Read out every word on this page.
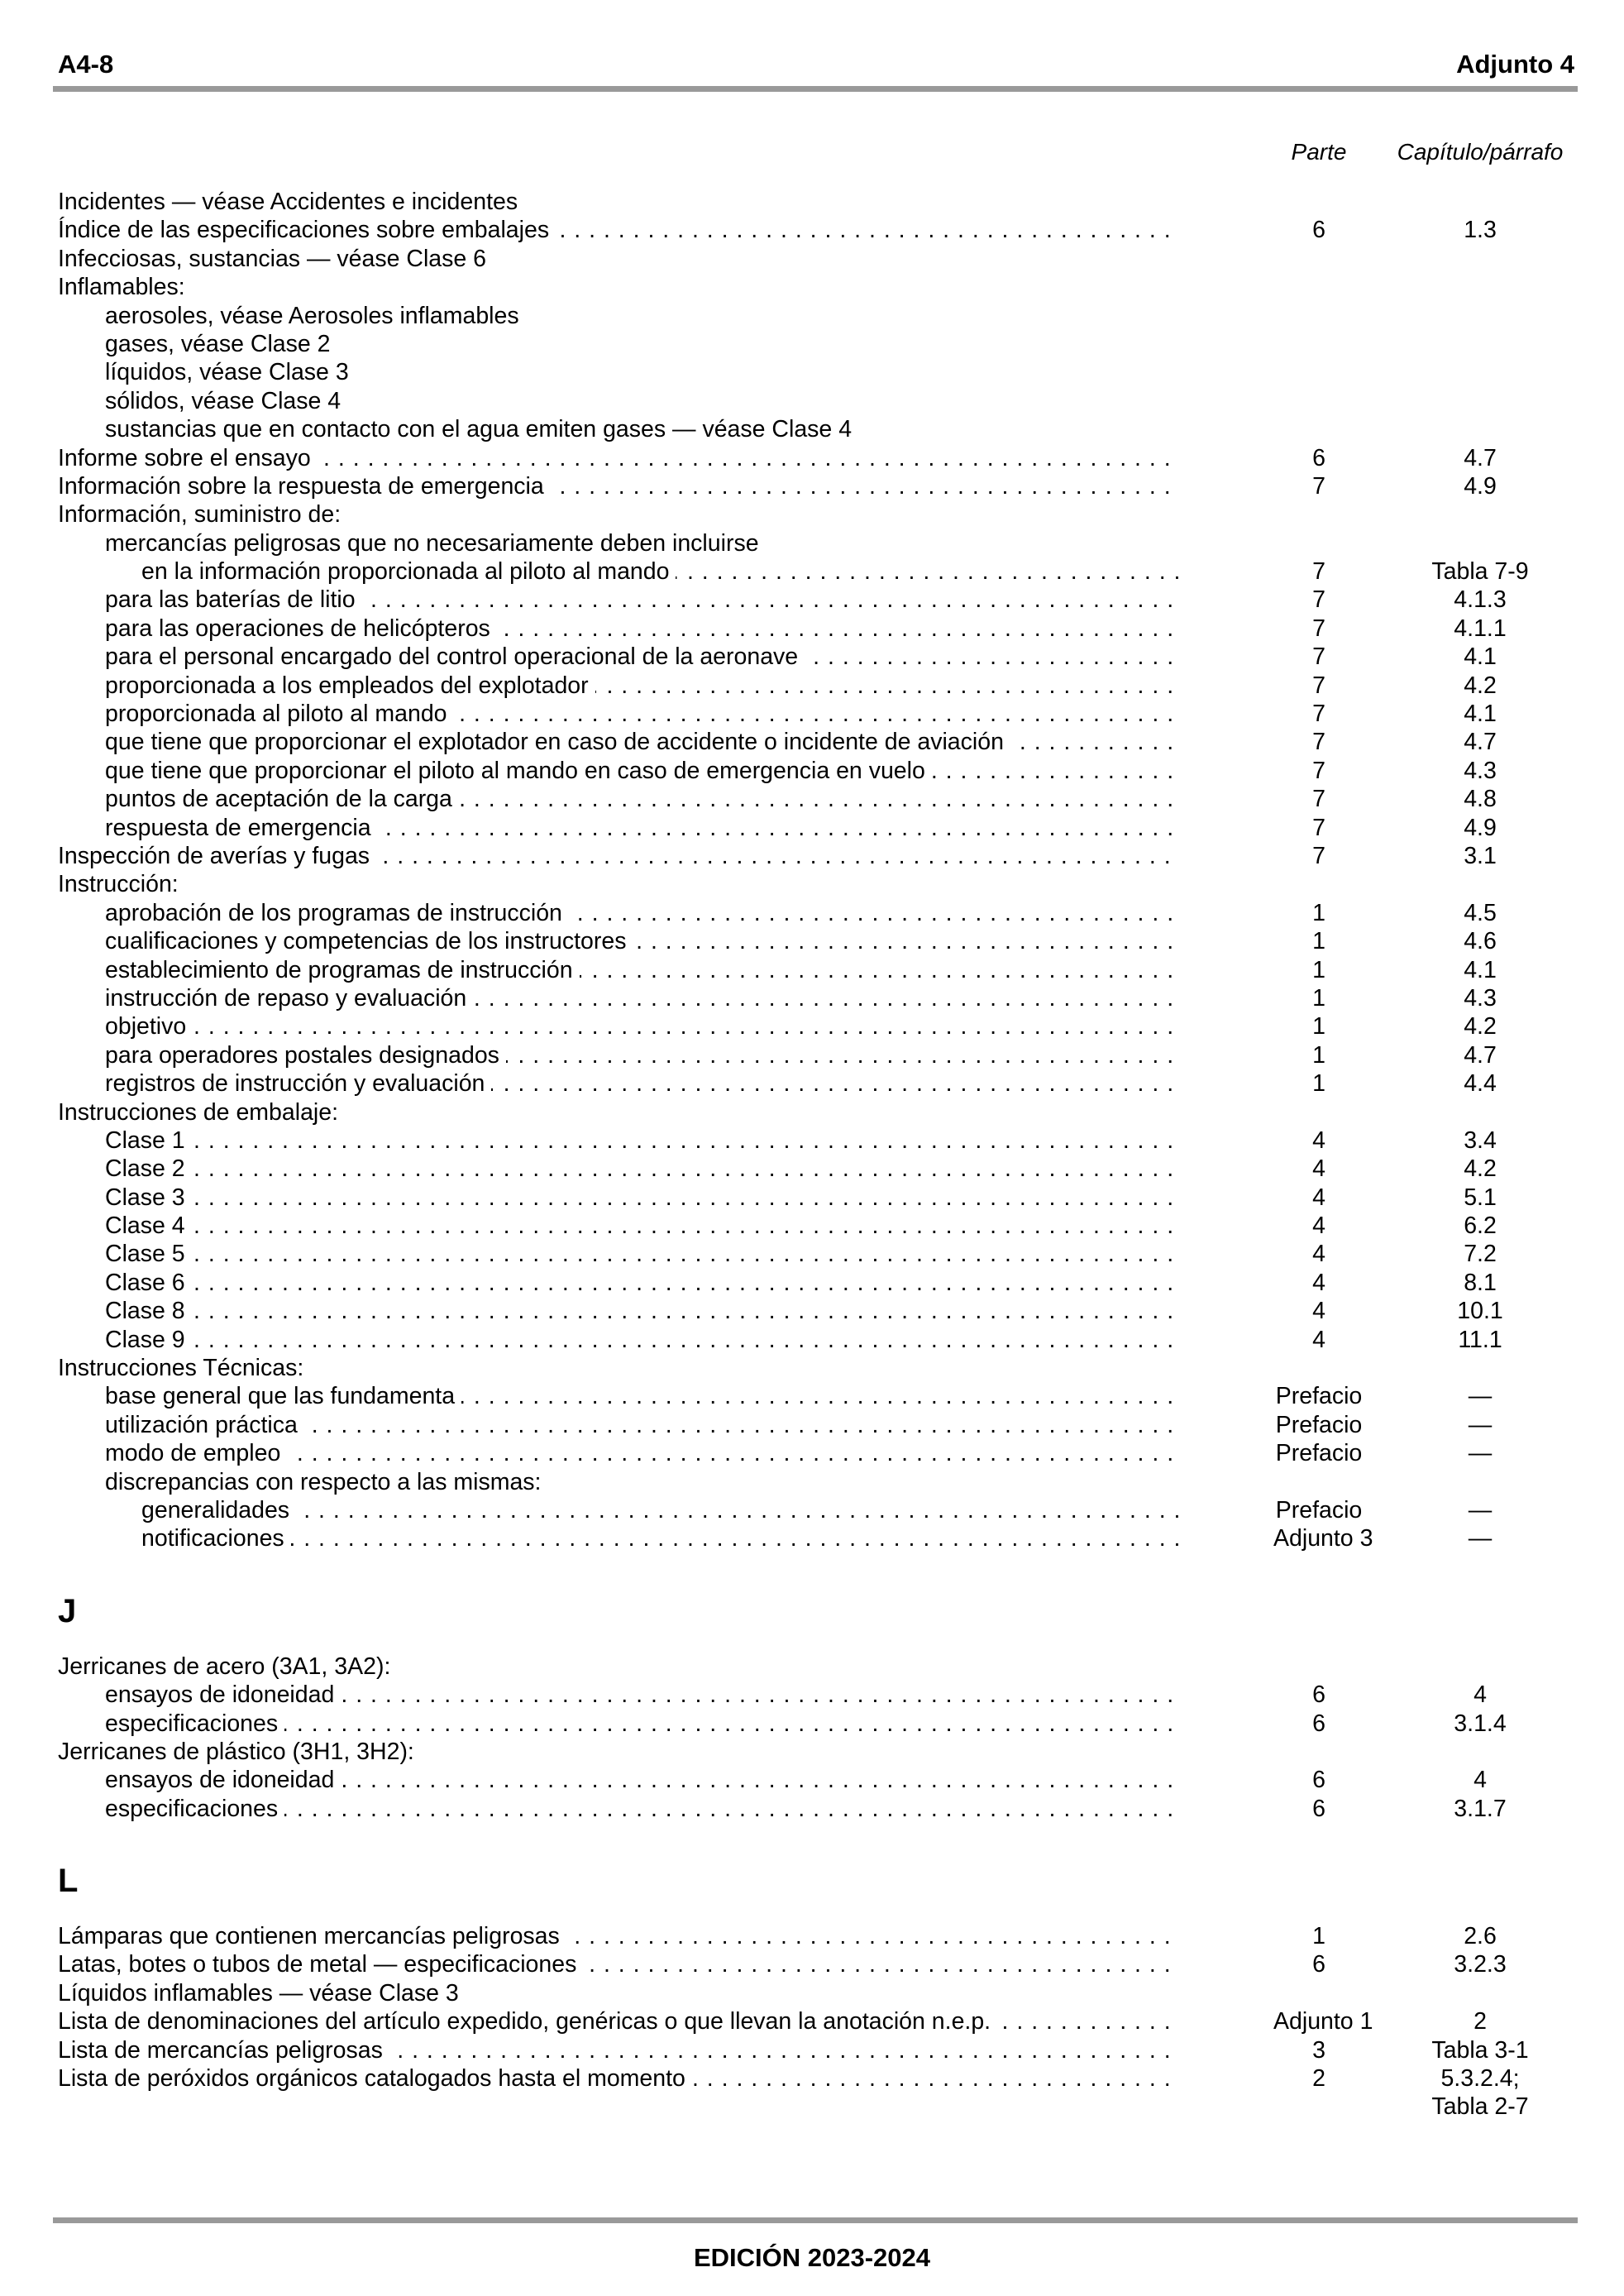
A4-8	Adjunto 4
Parte	Capítulo/párrafo
Incidentes — véase Accidentes e incidentes
Índice de las especificaciones sobre embalajes . . .	6	1.3
Infecciosas, sustancias — véase Clase 6
Inflamables:
aerosoles, véase Aerosoles inflamables
gases, véase Clase 2
líquidos, véase Clase 3
sólidos, véase Clase 4
sustancias que en contacto con el agua emiten gases — véase Clase 4
Informe sobre el ensayo . . .	6	4.7
Información sobre la respuesta de emergencia . . .	7	4.9
Información, suministro de:
mercancías peligrosas que no necesariamente deben incluirse
en la información proporcionada al piloto al mando . . .	7	Tabla 7-9
para las baterías de litio . . .	7	4.1.3
para las operaciones de helicópteros . . .	7	4.1.1
para el personal encargado del control operacional de la aeronave . . .	7	4.1
proporcionada a los empleados del explotador . . .	7	4.2
proporcionada al piloto al mando . . .	7	4.1
que tiene que proporcionar el explotador en caso de accidente o incidente de aviación . . .	7	4.7
que tiene que proporcionar el piloto al mando en caso de emergencia en vuelo . . .	7	4.3
puntos de aceptación de la carga . . .	7	4.8
respuesta de emergencia . . .	7	4.9
Inspección de averías y fugas . . .	7	3.1
Instrucción:
aprobación de los programas de instrucción . . .	1	4.5
cualificaciones y competencias de los instructores . . .	1	4.6
establecimiento de programas de instrucción . . .	1	4.1
instrucción de repaso y evaluación . . .	1	4.3
objetivo . . .	1	4.2
para operadores postales designados . . .	1	4.7
registros de instrucción y evaluación . . .	1	4.4
Instrucciones de embalaje:
Clase 1 . . .	4	3.4
Clase 2 . . .	4	4.2
Clase 3 . . .	4	5.1
Clase 4 . . .	4	6.2
Clase 5 . . .	4	7.2
Clase 6 . . .	4	8.1
Clase 8 . . .	4	10.1
Clase 9 . . .	4	11.1
Instrucciones Técnicas:
base general que las fundamenta . . .	Prefacio	—
utilización práctica . . .	Prefacio	—
modo de empleo . . .	Prefacio	—
discrepancias con respecto a las mismas:
generalidades . . .	Prefacio	—
notificaciones . . .	Adjunto 3	—
J
Jerricanes de acero (3A1, 3A2):
ensayos de idoneidad . . .	6	4
especificaciones . . .	6	3.1.4
Jerricanes de plástico (3H1, 3H2):
ensayos de idoneidad . . .	6	4
especificaciones . . .	6	3.1.7
L
Lámparas que contienen mercancías peligrosas . . .	1	2.6
Latas, botes o tubos de metal — especificaciones . . .	6	3.2.3
Líquidos inflamables — véase Clase 3
Lista de denominaciones del artículo expedido, genéricas o que llevan la anotación n.e.p. . . .	Adjunto 1	2
Lista de mercancías peligrosas . . .	3	Tabla 3-1
Lista de peróxidos orgánicos catalogados hasta el momento . . .	2	5.3.2.4;
Tabla 2-7
EDICIÓN 2023-2024
